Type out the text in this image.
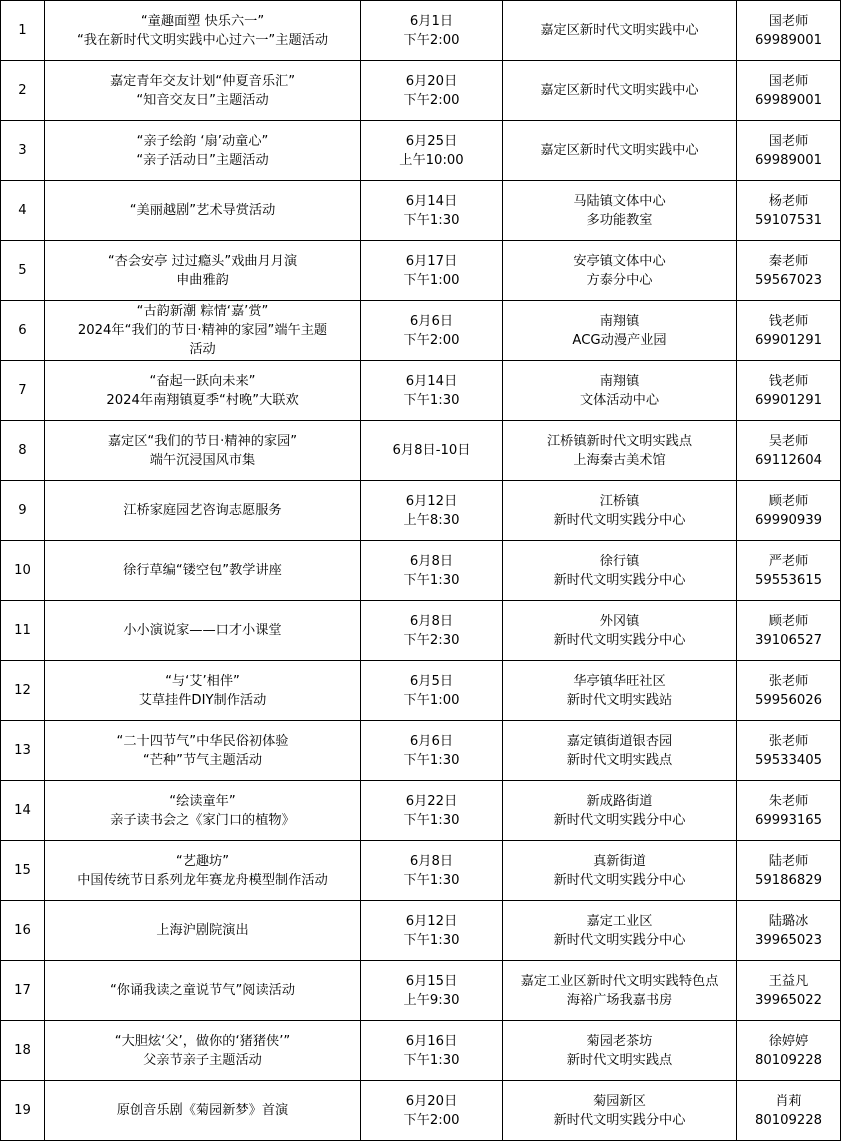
1	“童趣面塑 快乐六一”
“我在新时代文明实践中心过六一”主题活动	6月1日
下午2:00	嘉定区新时代文明实践中心	国老师
69989001

2	嘉定青年交友计划“仲夏音乐汇”
“知音交友日”主题活动	6月20日
下午2:00	嘉定区新时代文明实践中心	国老师
69989001

3	“亲子绘韵 ‘扇’动童心”
“亲子活动日”主题活动	6月25日
上午10:00	嘉定区新时代文明实践中心	国老师
69989001

4	“美丽越剧”艺术导赏活动	6月14日
下午1:30	马陆镇文体中心
多功能教室	杨老师
59107531

5	“杏会安亭 过过瘾头”戏曲月月演
申曲雅韵	6月17日
下午1:00	安亭镇文体中心
方泰分中心	秦老师
59567023

6	“古韵新潮 粽情‘嘉’赏”
2024年“我们的节日·精神的家园”端午主题
活动	6月6日
下午2:00	南翔镇
ACG动漫产业园	钱老师
69901291

7	“奋起一跃向未来”
2024年南翔镇夏季“村晚”大联欢	6月14日
下午1:30	南翔镇
文体活动中心	钱老师
69901291

8	嘉定区“我们的节日·精神的家园”
端午沉浸国风市集	6月8日-10日	江桥镇新时代文明实践点
上海秦古美术馆	吴老师
69112604

9	江桥家庭园艺咨询志愿服务	6月12日
上午8:30	江桥镇
新时代文明实践分中心	顾老师
69990939

10	徐行草编“镂空包”教学讲座	6月8日
下午1:30	徐行镇
新时代文明实践分中心	严老师
59553615

11	小小演说家——口才小课堂	6月8日
下午2:30	外冈镇
新时代文明实践分中心	顾老师
39106527

12	“与‘艾’相伴”
艾草挂件DIY制作活动	6月5日
下午1:00	华亭镇华旺社区
新时代文明实践站	张老师
59956026

13	“二十四节气”中华民俗初体验
“芒种”节气主题活动	6月6日
下午1:30	嘉定镇街道银杏园
新时代文明实践点	张老师
59533405

14	“绘读童年”
亲子读书会之《家门口的植物》	6月22日
下午1:30	新成路街道
新时代文明实践分中心	朱老师
69993165

15	“艺趣坊”
中国传统节日系列龙年赛龙舟模型制作活动	6月8日
下午1:30	真新街道
新时代文明实践分中心	陆老师
59186829

16	上海沪剧院演出	6月12日
下午1:30	嘉定工业区
新时代文明实践分中心	陆璐冰
39965023

17	“你诵我读之童说节气”阅读活动	6月15日
上午9:30	嘉定工业区新时代文明实践特色点
海裕广场我嘉书房	王益凡
39965022

18	“大胆炫‘父’，做你的‘猪猪侠’”
父亲节亲子主题活动	6月16日
下午1:30	菊园老茶坊
新时代文明实践点	徐婷婷
80109228

19	原创音乐剧《菊园新梦》首演	6月20日
下午2:00	菊园新区
新时代文明实践分中心	肖莉
80109228
